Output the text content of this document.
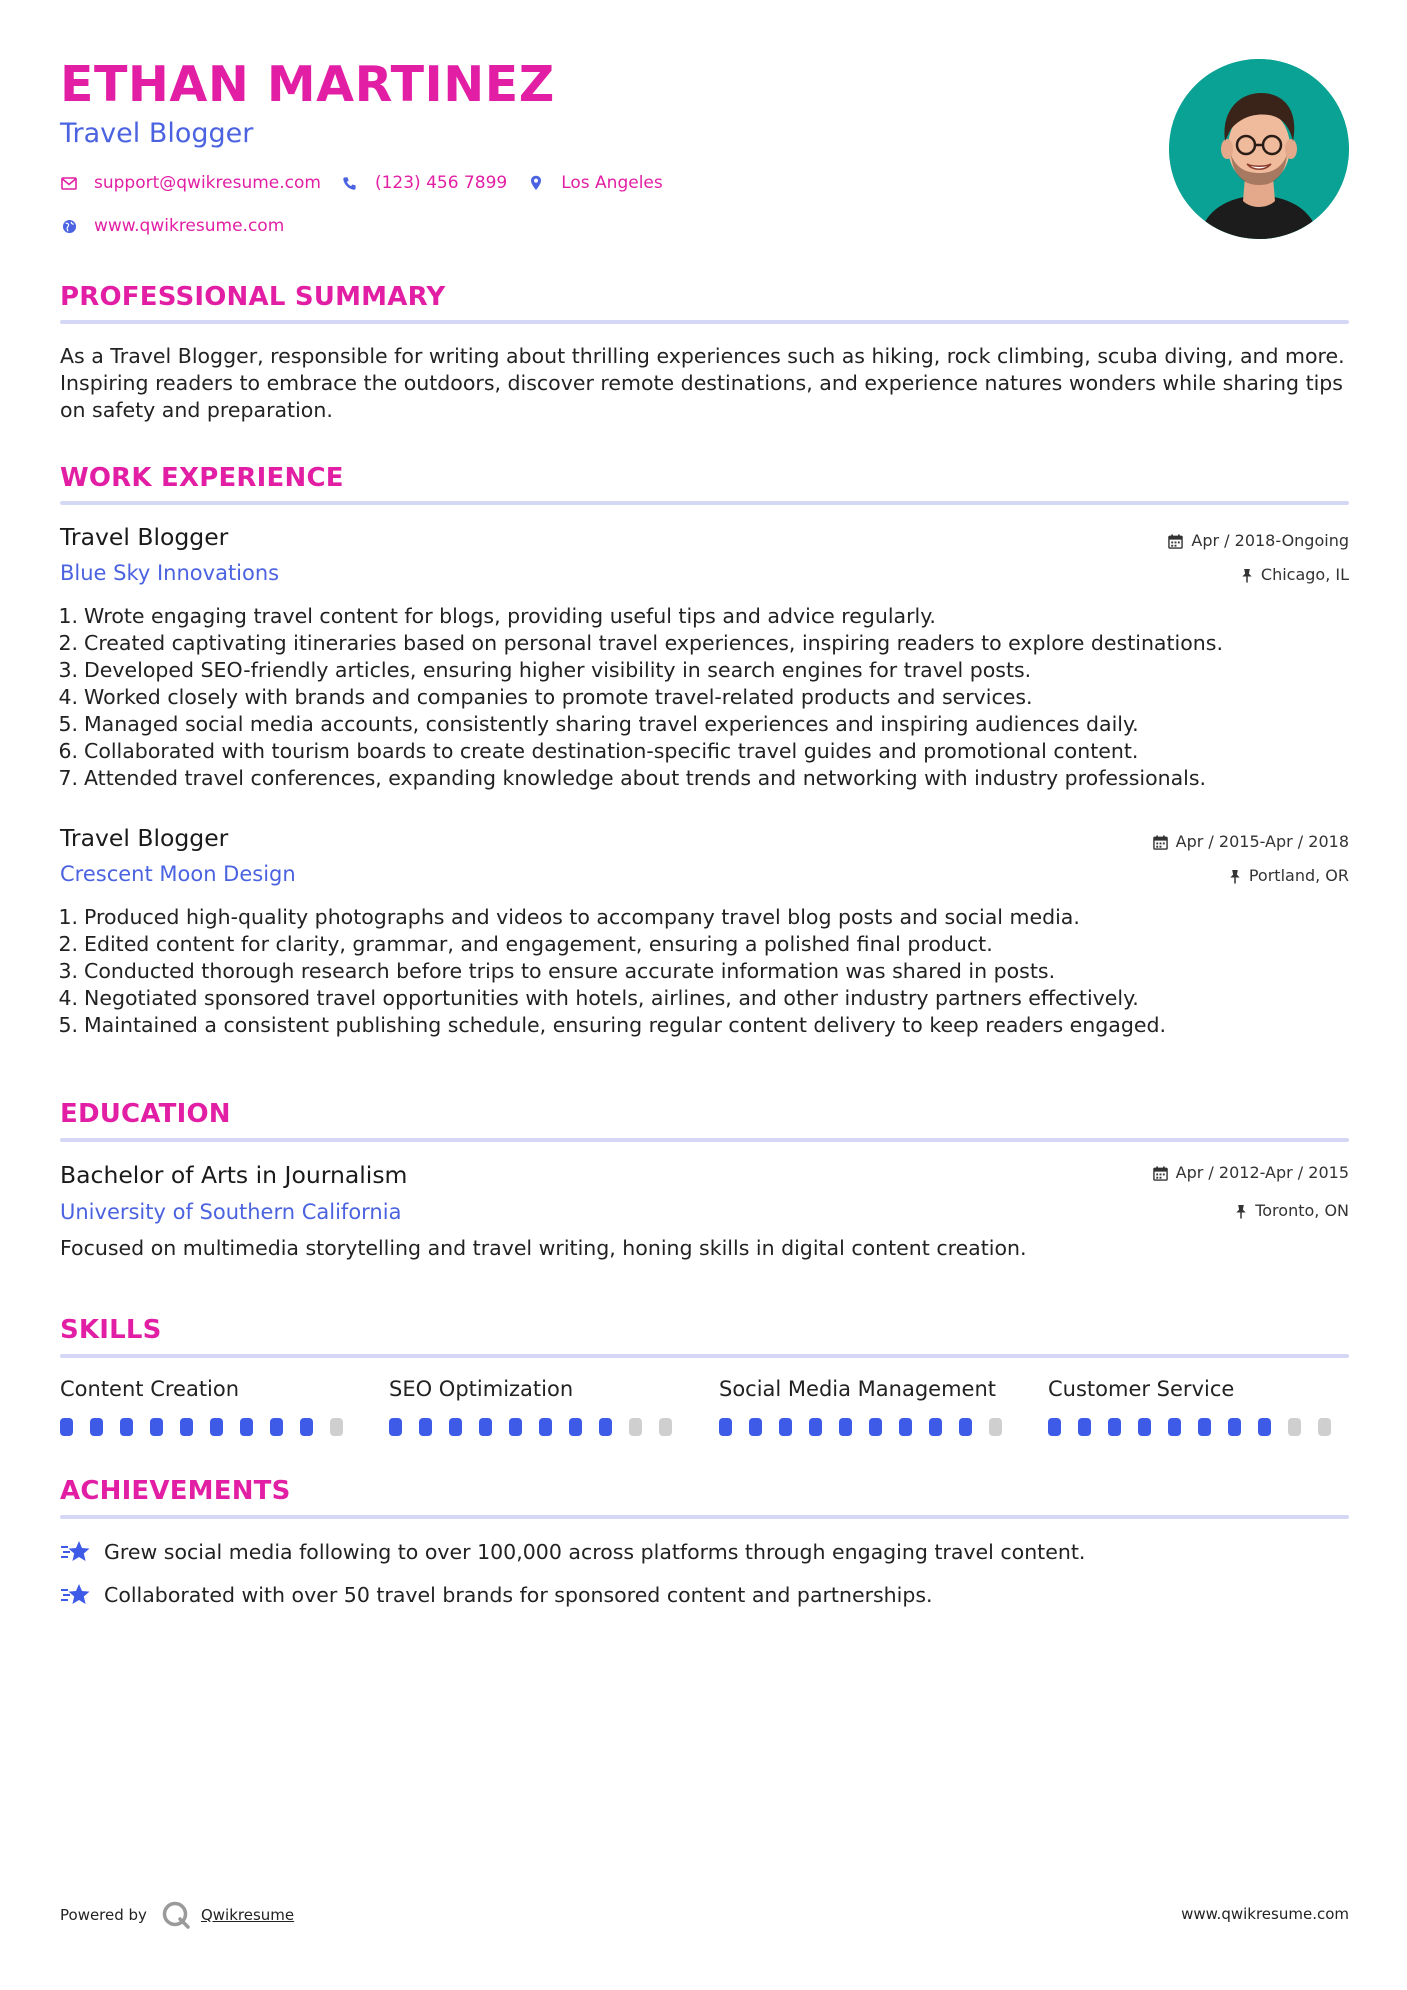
ETHAN MARTINEZ
Travel Blogger
support@qwikresume.com	(123) 456 7899	Los Angeles
www.qwikresume.com
PROFESSIONAL SUMMARY
As a Travel Blogger, responsible for writing about thrilling experiences such as hiking, rock climbing, scuba diving, and more. Inspiring readers to embrace the outdoors, discover remote destinations, and experience natures wonders while sharing tips on safety and preparation.
WORK EXPERIENCE
Travel Blogger
Blue Sky Innovations
Apr / 2018-Ongoing
Chicago, IL
1. Wrote engaging travel content for blogs, providing useful tips and advice regularly.
2. Created captivating itineraries based on personal travel experiences, inspiring readers to explore destinations.
3. Developed SEO-friendly articles, ensuring higher visibility in search engines for travel posts.
4. Worked closely with brands and companies to promote travel-related products and services.
5. Managed social media accounts, consistently sharing travel experiences and inspiring audiences daily.
6. Collaborated with tourism boards to create destination-specific travel guides and promotional content.
7. Attended travel conferences, expanding knowledge about trends and networking with industry professionals.
Travel Blogger
Crescent Moon Design
Apr / 2015-Apr / 2018
Portland, OR
1. Produced high-quality photographs and videos to accompany travel blog posts and social media.
2. Edited content for clarity, grammar, and engagement, ensuring a polished final product.
3. Conducted thorough research before trips to ensure accurate information was shared in posts.
4. Negotiated sponsored travel opportunities with hotels, airlines, and other industry partners effectively.
5. Maintained a consistent publishing schedule, ensuring regular content delivery to keep readers engaged.
EDUCATION
Bachelor of Arts in Journalism
University of Southern California
Apr / 2012-Apr / 2015
Toronto, ON
Focused on multimedia storytelling and travel writing, honing skills in digital content creation.
SKILLS
Content Creation	SEO Optimization	Social Media Management	Customer Service
ACHIEVEMENTS
Grew social media following to over 100,000 across platforms through engaging travel content.
Collaborated with over 50 travel brands for sponsored content and partnerships.
Powered by	Qwikresume	www.qwikresume.com
